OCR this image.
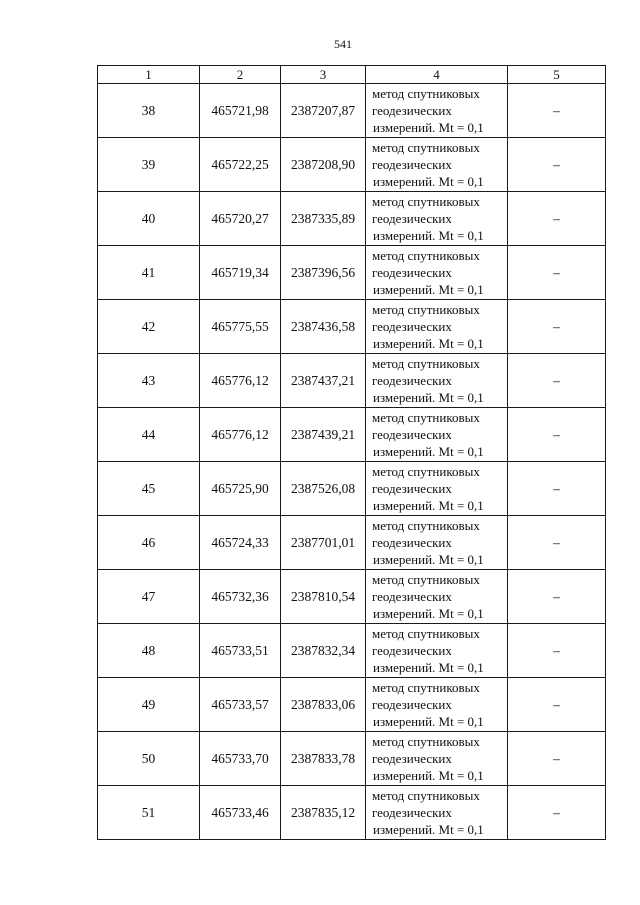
541
1	2	3	4	5
38	465721,98	2387207,87	метод спутниковых
геодезических
измерений. Mt = 0,1	–
39	465722,25	2387208,90	метод спутниковых
геодезических
измерений. Mt = 0,1	–
40	465720,27	2387335,89	метод спутниковых
геодезических
измерений. Mt = 0,1	–
41	465719,34	2387396,56	метод спутниковых
геодезических
измерений. Mt = 0,1	–
42	465775,55	2387436,58	метод спутниковых
геодезических
измерений. Mt = 0,1	–
43	465776,12	2387437,21	метод спутниковых
геодезических
измерений. Mt = 0,1	–
44	465776,12	2387439,21	метод спутниковых
геодезических
измерений. Mt = 0,1	–
45	465725,90	2387526,08	метод спутниковых
геодезических
измерений. Mt = 0,1	–
46	465724,33	2387701,01	метод спутниковых
геодезических
измерений. Mt = 0,1	–
47	465732,36	2387810,54	метод спутниковых
геодезических
измерений. Mt = 0,1	–
48	465733,51	2387832,34	метод спутниковых
геодезических
измерений. Mt = 0,1	–
49	465733,57	2387833,06	метод спутниковых
геодезических
измерений. Mt = 0,1	–
50	465733,70	2387833,78	метод спутниковых
геодезических
измерений. Mt = 0,1	–
51	465733,46	2387835,12	метод спутниковых
геодезических
измерений. Mt = 0,1	–
